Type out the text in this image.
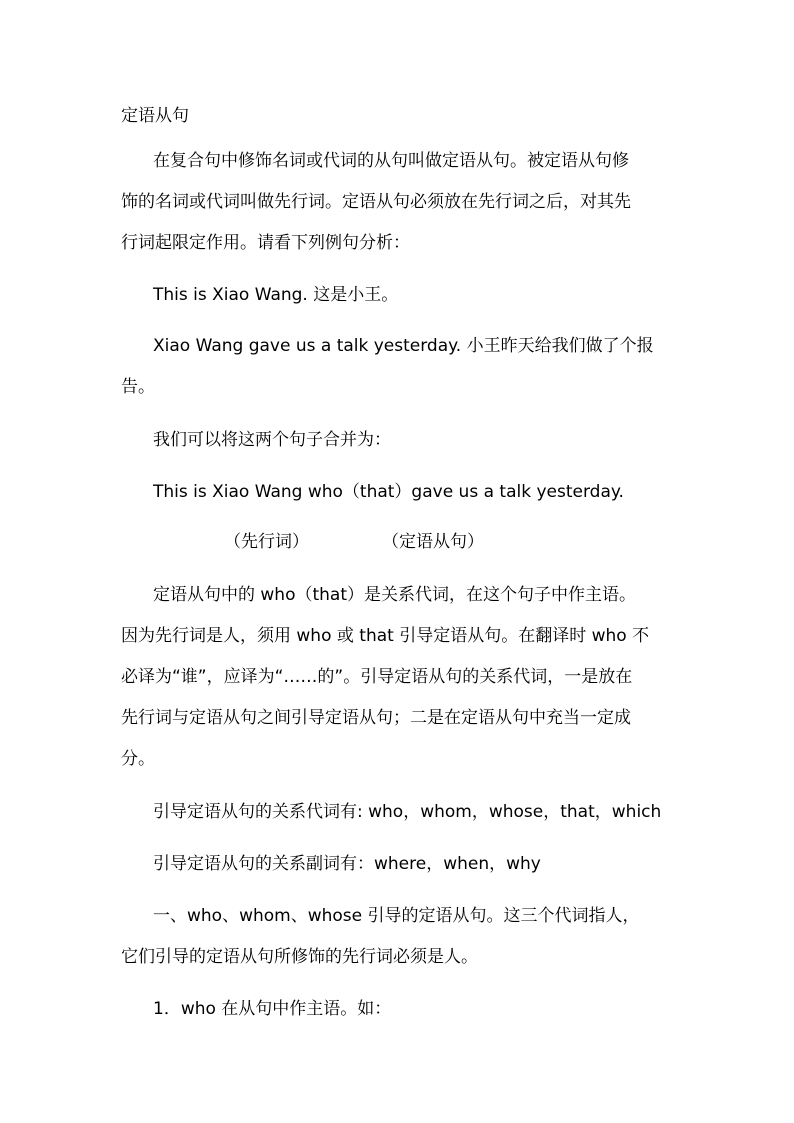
定语从句

在复合句中修饰名词或代词的从句叫做定语从句。被定语从句修

饰的名词或代词叫做先行词。定语从句必须放在先行词之后，对其先

行词起限定作用。请看下列例句分析：

This is Xiao Wang. 这是小王。

Xiao Wang gave us a talk yesterday. 小王昨天给我们做了个报

告。

我们可以将这两个句子合并为：

This is Xiao Wang who（that）gave us a talk yesterday.

（先行词）	（定语从句）

定语从句中的 who（that）是关系代词，在这个句子中作主语。

因为先行词是人，须用 who 或 that 引导定语从句。在翻译时 who 不

必译为“谁”，应译为“……的”。引导定语从句的关系代词，一是放在

先行词与定语从句之间引导定语从句；二是在定语从句中充当一定成

分。

引导定语从句的关系代词有: who，whom，whose，that，which

引导定语从句的关系副词有：where，when，why

一、who、whom、whose 引导的定语从句。这三个代词指人，

它们引导的定语从句所修饰的先行词必须是人。

1．who 在从句中作主语。如：
